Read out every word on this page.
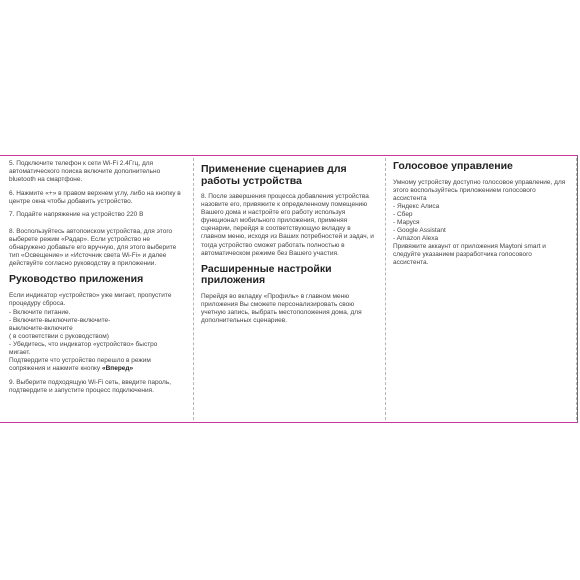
5. Подключите телефон к сети Wi-Fi 2.4Ггц, для автоматического поиска включите дополнительно bluetooth на смартфоне.

6. Нажмите «+» в правом верхнем углу, либо на кнопку в центре окна чтобы добавить устройство.

7. Подайте напряжение на устройство 220 В

8. Воспользуйтесь автопоиском устройства, для этого выберете режим «Радар». Если устройство не обнаружено добавьте его вручную, для этого выберите тип «Освещение» и «Источник света Wi-Fi» и далее действуйте согласно руководству в приложении.

Руководство приложения

Если индикатор «устройство» уже мигает, пропустите процедуру сброса.

- Включите питание.

- Включите-выключите-включите-

выключите-включите

( в соответствии с руководством)

- Убедитесь, что индикатор «устройство» быстро

мигает.

Подтвердите что устройство перешло в режим сопряжения и нажмите кнопку «Вперед»

9. Выберите подходящую Wi-Fi сеть, введите пароль, подтвердите и запустите процесс подключения.

Применение сценариев для работы устройства

8. После завершения процесса добавления устройства назовите его, привяжите к определенному помещению Вашего дома и настройте его работу используя функционал мобильного приложения, применяя сценарии, перейдя в соответствующую вкладку в главном меню, исходя из Ваших потребностей и задач, и тогда устройство сможет работать полностью в автоматическом режиме без Вашего участия.

Расширенные настройки приложения

Перейдя во вкладку «Профиль» в главном меню приложения Вы сможете персонализировать свою учетную запись, выбрать местоположения дома, для дополнительных сценариев.

Голосовое управление

Умному устройству доступно голосовое управление, для этого воспользуйтесь приложением голосового ассистента

- Яндекс Алиса

- Сбер

- Маруся

- Google Assistant

- Amazon Alexa

Привяжите аккаунт от приложения Maytoni smart и следуйте указанием разработчика голосового ассистента.
